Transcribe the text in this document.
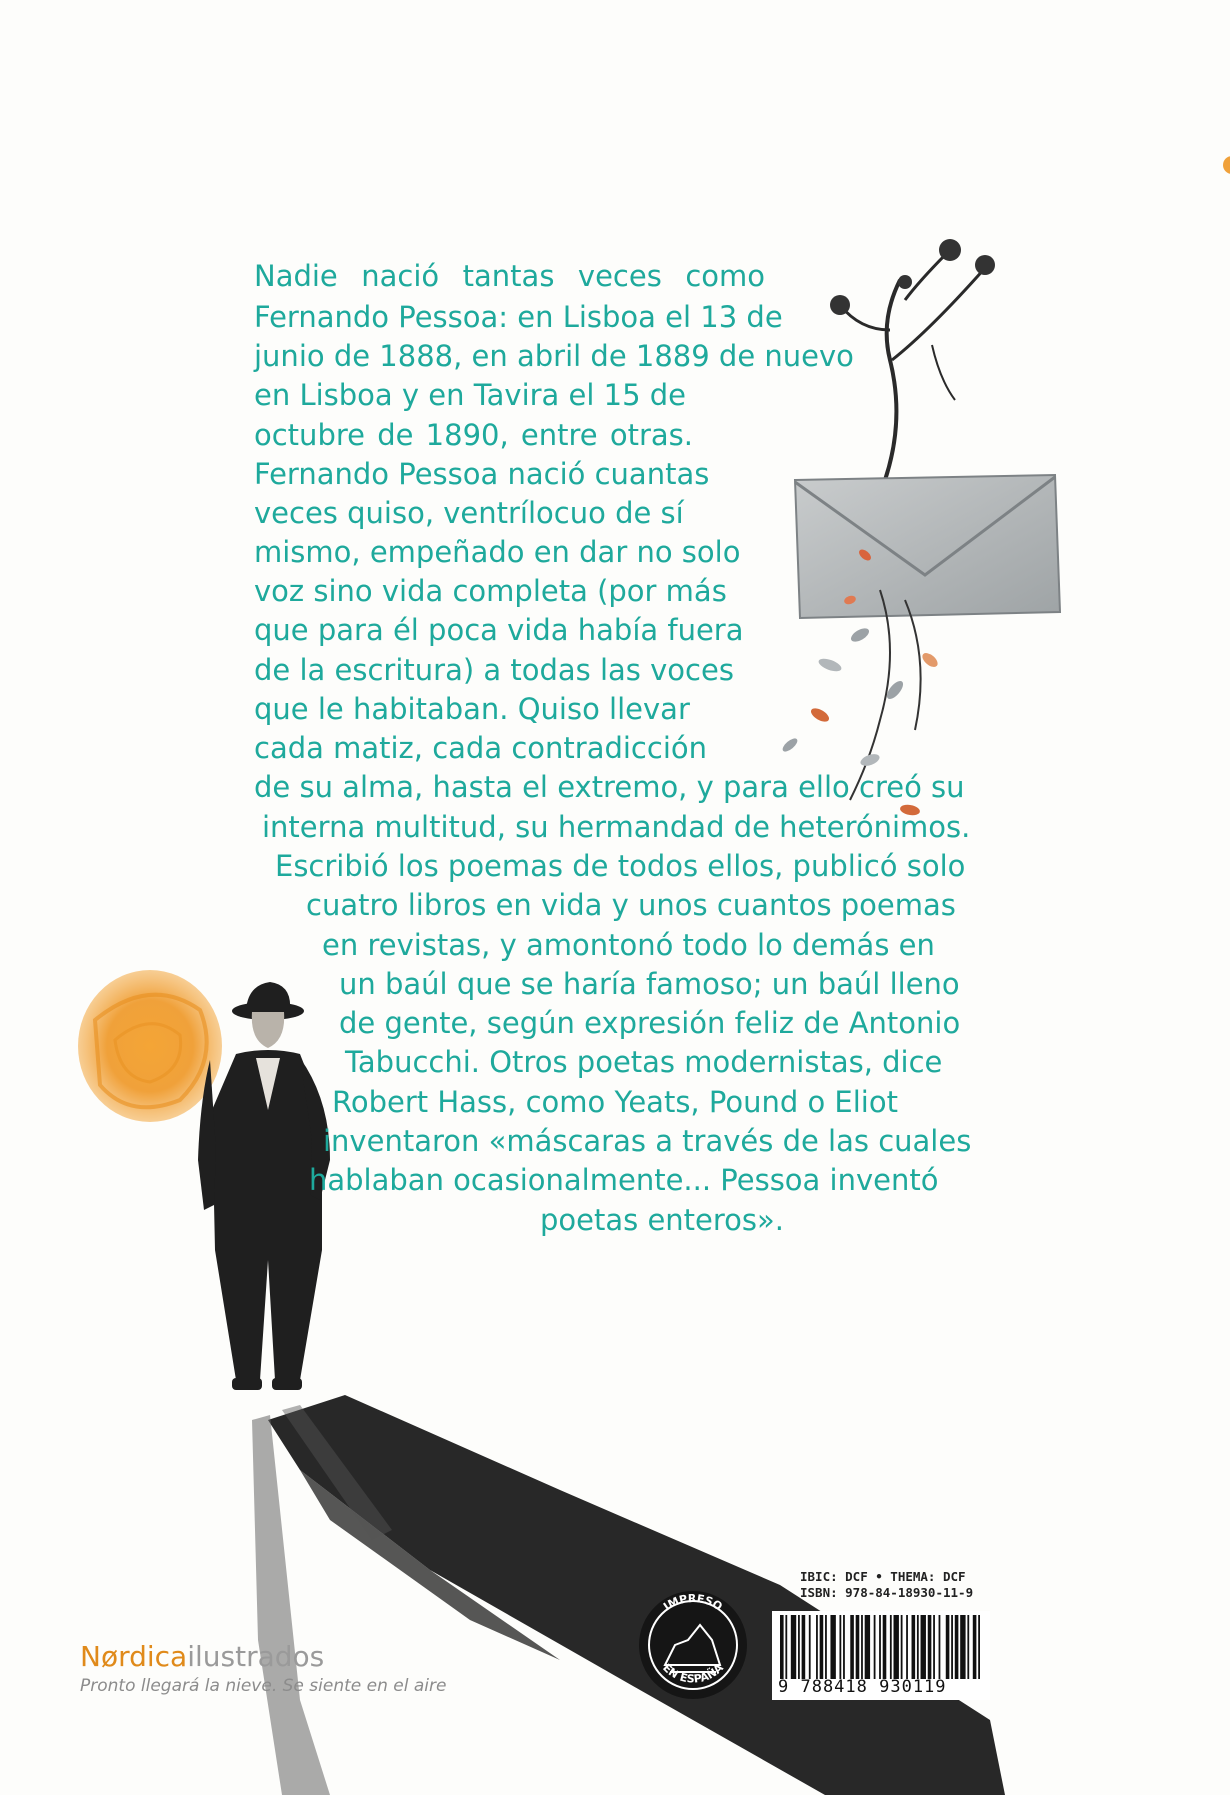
IMPRESO
EN ESPAÑA
Nadie nació tantas veces como
Fernando Pessoa: en Lisboa el 13 de
junio de 1888, en abril de 1889 de nuevo
en Lisboa y en Tavira el 15 de
octubre de 1890, entre otras.
Fernando Pessoa nació cuantas
veces quiso, ventrílocuo de sí
mismo, empeñado en dar no solo
voz sino vida completa (por más
que para él poca vida había fuera
de la escritura) a todas las voces
que le habitaban. Quiso llevar
cada matiz, cada contradicción
de su alma, hasta el extremo, y para ello creó su
interna multitud, su hermandad de heterónimos.
Escribió los poemas de todos ellos, publicó solo
cuatro libros en vida y unos cuantos poemas
en revistas, y amontonó todo lo demás en
un baúl que se haría famoso; un baúl lleno
de gente, según expresión feliz de Antonio
Tabucchi. Otros poetas modernistas, dice
Robert Hass, como Yeats, Pound o Eliot
inventaron «máscaras a través de las cuales
hablaban ocasionalmente... Pessoa inventó
poetas enteros».
Nørdicailustrados
Pronto llegará la nieve. Se siente en el aire
IBIC: DCF • THEMA: DCF
ISBN: 978-84-18930-11-9
9 788418 930119
